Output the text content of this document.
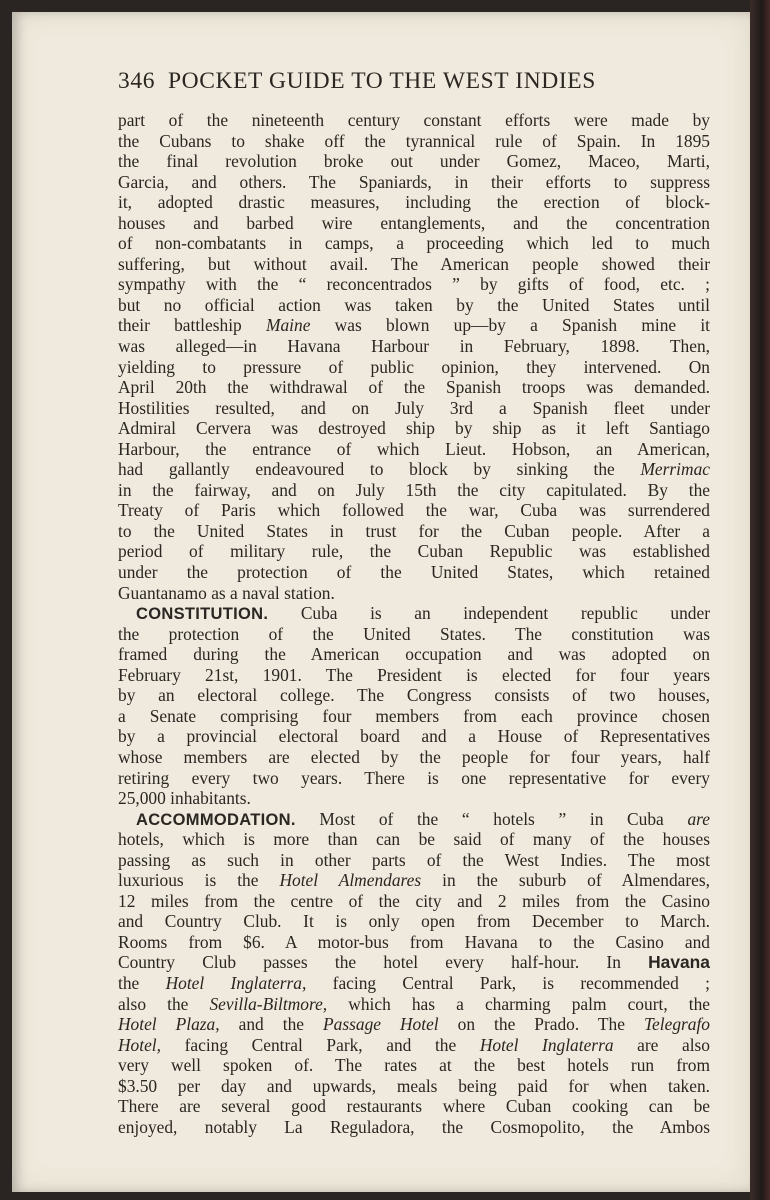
346 POCKET GUIDE TO THE WEST INDIES
part of the nineteenth century constant efforts were made by
the Cubans to shake off the tyrannical rule of Spain. In 1895
the final revolution broke out under Gomez, Maceo, Marti,
Garcia, and others. The Spaniards, in their efforts to suppress
it, adopted drastic measures, including the erection of block-
houses and barbed wire entanglements, and the concentration
of non-combatants in camps, a proceeding which led to much
suffering, but without avail. The American people showed their
sympathy with the “ reconcentrados ” by gifts of food, etc. ;
but no official action was taken by the United States until
their battleship Maine was blown up—by a Spanish mine it
was alleged—in Havana Harbour in February, 1898. Then,
yielding to pressure of public opinion, they intervened. On
April 20th the withdrawal of the Spanish troops was demanded.
Hostilities resulted, and on July 3rd a Spanish fleet under
Admiral Cervera was destroyed ship by ship as it left Santiago
Harbour, the entrance of which Lieut. Hobson, an American,
had gallantly endeavoured to block by sinking the Merrimac
in the fairway, and on July 15th the city capitulated. By the
Treaty of Paris which followed the war, Cuba was surrendered
to the United States in trust for the Cuban people. After a
period of military rule, the Cuban Republic was established
under the protection of the United States, which retained
Guantanamo as a naval station.
CONSTITUTION. Cuba is an independent republic under
the protection of the United States. The constitution was
framed during the American occupation and was adopted on
February 21st, 1901. The President is elected for four years
by an electoral college. The Congress consists of two houses,
a Senate comprising four members from each province chosen
by a provincial electoral board and a House of Representatives
whose members are elected by the people for four years, half
retiring every two years. There is one representative for every
25,000 inhabitants.
ACCOMMODATION. Most of the “ hotels ” in Cuba are
hotels, which is more than can be said of many of the houses
passing as such in other parts of the West Indies. The most
luxurious is the Hotel Almendares in the suburb of Almendares,
12 miles from the centre of the city and 2 miles from the Casino
and Country Club. It is only open from December to March.
Rooms from $6. A motor-bus from Havana to the Casino and
Country Club passes the hotel every half-hour. In Havana
the Hotel Inglaterra, facing Central Park, is recommended ;
also the Sevilla-Biltmore, which has a charming palm court, the
Hotel Plaza, and the Passage Hotel on the Prado. The Telegrafo
Hotel, facing Central Park, and the Hotel Inglaterra are also
very well spoken of. The rates at the best hotels run from
$3.50 per day and upwards, meals being paid for when taken.
There are several good restaurants where Cuban cooking can be
enjoyed, notably La Reguladora, the Cosmopolito, the Ambos
